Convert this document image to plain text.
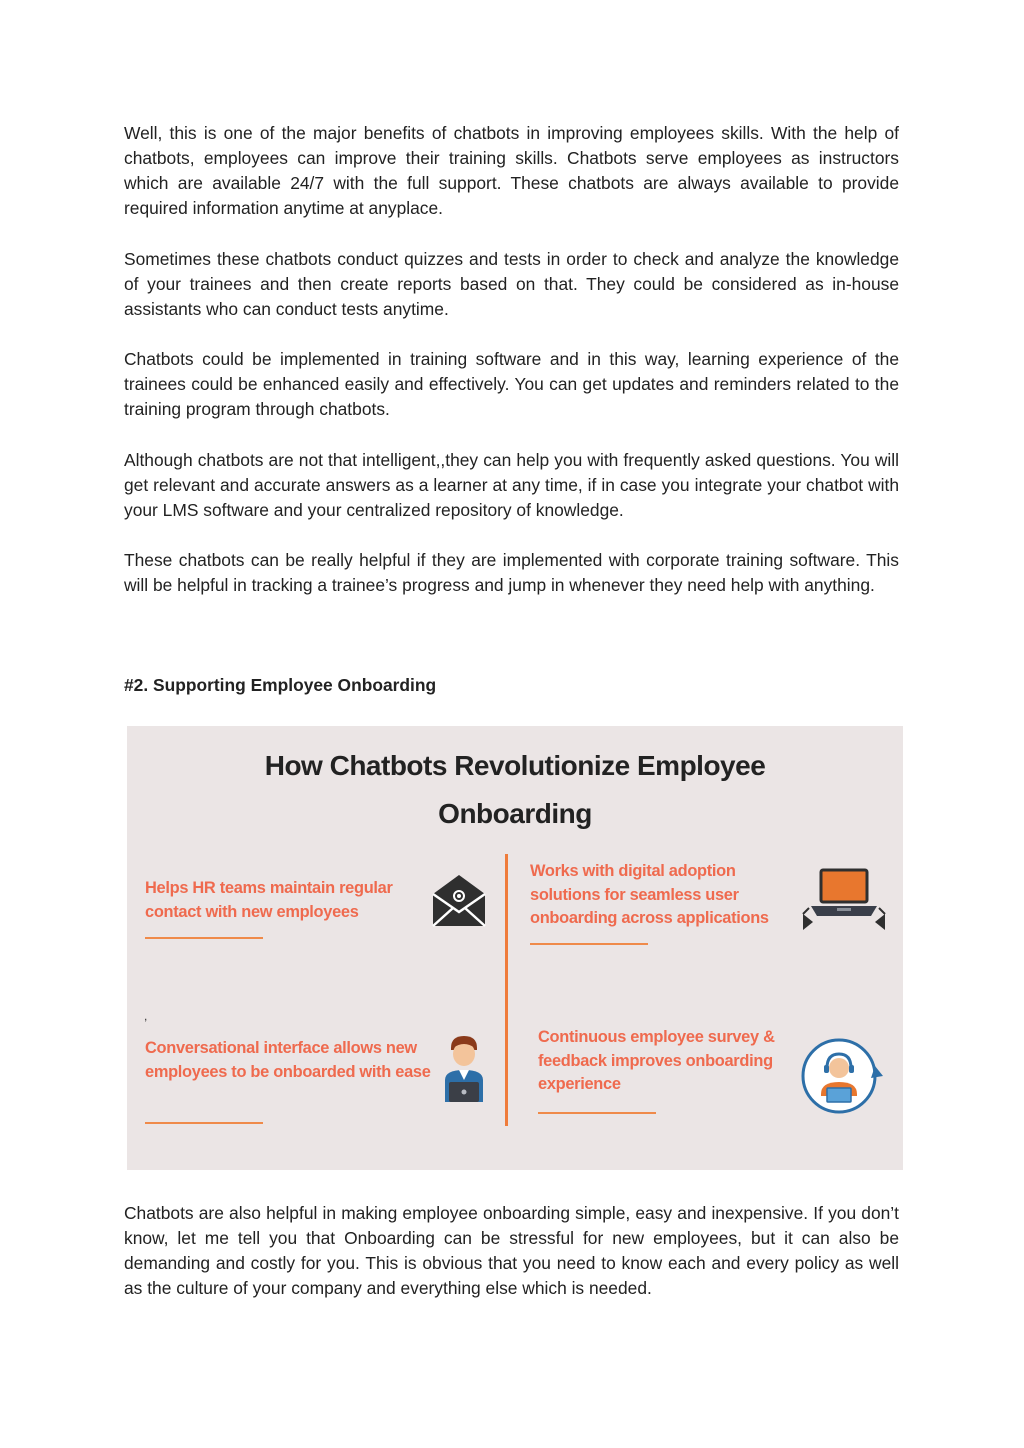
Well, this is one of the major benefits of chatbots in improving employees skills. With the help of chatbots, employees can improve their training skills. Chatbots serve employees as instructors which are available 24/7 with the full support. These chatbots are always available to provide required information anytime at anyplace.

Sometimes these chatbots conduct quizzes and tests in order to check and analyze the knowledge of your trainees and then create reports based on that. They could be considered as in-house assistants who can conduct tests anytime.

Chatbots could be implemented in training software and in this way, learning experience of the trainees could be enhanced easily and effectively. You can get updates and reminders related to the training program through chatbots.

Although chatbots are not that intelligent,,they can help you with frequently asked questions. You will get relevant and accurate answers as a learner at any time, if in case you integrate your chatbot with your LMS software and your centralized repository of knowledge.

These chatbots can be really helpful if they are implemented with corporate training software. This will be helpful in tracking a trainee’s progress and jump in whenever they need help with anything.

#2. Supporting Employee Onboarding

Chatbots are also helpful in making employee onboarding simple, easy and inexpensive. If you don’t know, let me tell you that Onboarding can be stressful for new employees, but it can also be demanding and costly for you. This is obvious that you need to know each and every policy as well as the culture of your company and everything else which is needed.

How Chatbots Revolutionize Employee
Onboarding

Helps HR teams maintain regular contact with new employees

Works with digital adoption solutions for seamless user onboarding across applications

,

Conversational interface allows new employees to be onboarded with ease

Continuous employee survey & feedback improves onboarding experience
